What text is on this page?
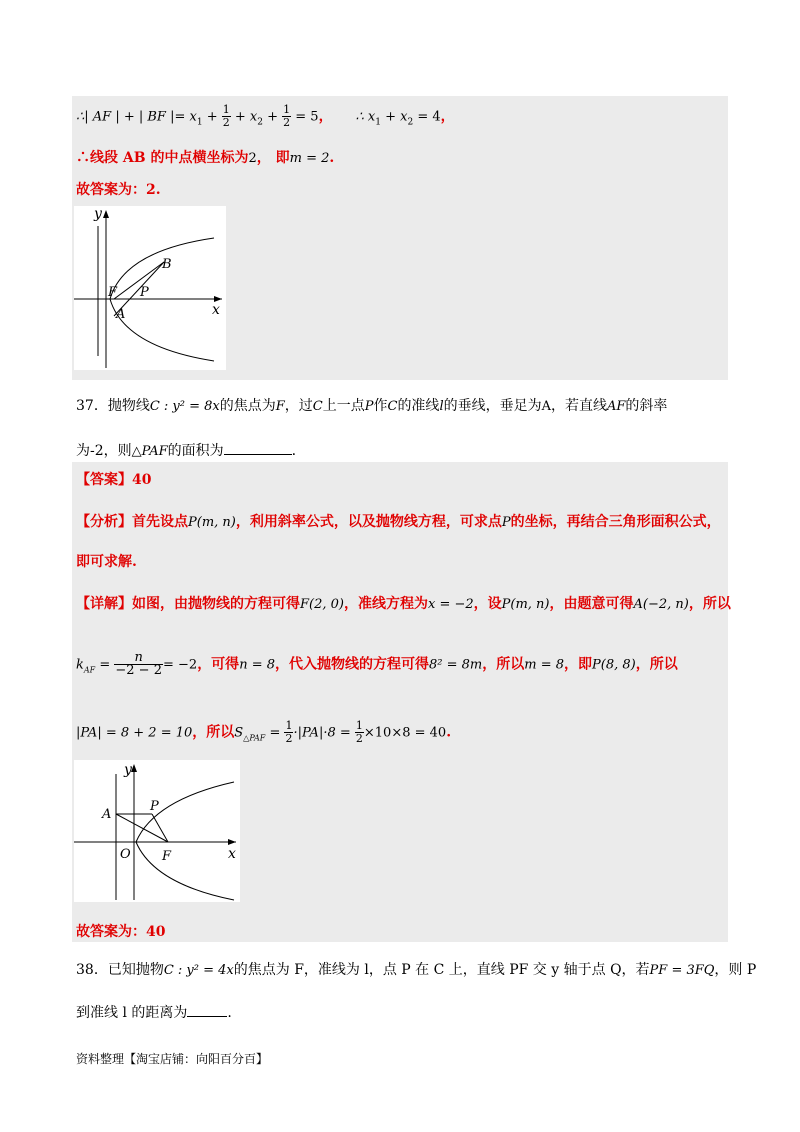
∴| AF | + | BF |= $x_1 + \frac{1}{2} + x_2 + \frac{1}{2} = 5$， ∴ $x_1 + x_2 = 4$，
∴线段 AB 的中点横坐标为2， 即m = 2.
故答案为：2.
y
x
B
F P
A
37．抛物线C : y² = 8x的焦点为F，过C上一点P作C的准线l的垂线，垂足为A，若直线AF的斜率
为-2，则△PAF的面积为	.
【答案】40
【分析】首先设点P(m, n)，利用斜率公式，以及抛物线方程，可求点P的坐标，再结合三角形面积公式，
即可求解.
【详解】如图，由抛物线的方程可得F(2, 0)，准线方程为x = −2，设P(m, n)，由题意可得A(−2, n)，所以
$k_{AF} = \frac{n}{-2 - 2} = -2$，可得n = 8，代入抛物线的方程可得8² = 8m，所以m = 8，即P(8, 8)，所以
|PA| = 8 + 2 = 10，所以$S_{\triangle PAF} = \frac{1}{2} \cdot|PA|\cdot 8 = \frac{1}{2} \times 10\times 8 = 40$.
y
x
A
P
O F
故答案为：40
38．已知抛物C : y² = 4x的焦点为 F，准线为 l，点 P 在 C 上，直线 PF 交 y 轴于点 Q，若PF = 3FQ，则 P
到准线 l 的距离为	.
资料整理【淘宝店铺：向阳百分百】
